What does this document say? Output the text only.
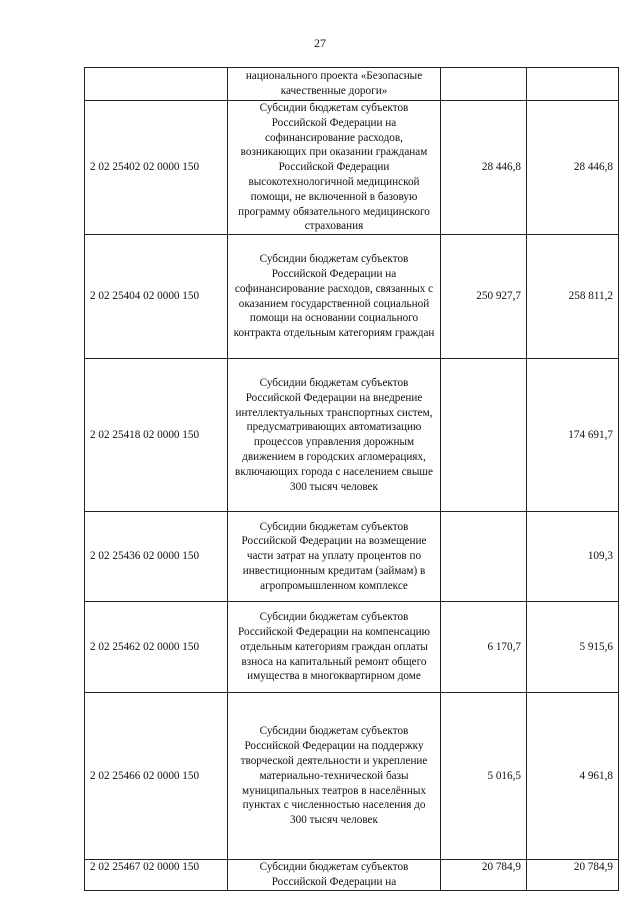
27
	национального проекта «Безопасные качественные дороги»		
2 02 25402 02 0000 150	Субсидии бюджетам субъектов Российской Федерации на софинансирование расходов, возникающих при оказании гражданам Российской Федерации высокотехнологичной медицинской помощи, не включенной в базовую программу обязательного медицинского страхования	28 446,8	28 446,8
2 02 25404 02 0000 150	Субсидии бюджетам субъектов Российской Федерации на софинансирование расходов, связанных с оказанием государственной социальной помощи на основании социального контракта отдельным категориям граждан	250 927,7	258 811,2
2 02 25418 02 0000 150	Субсидии бюджетам субъектов Российской Федерации на внедрение интеллектуальных транспортных систем, предусматривающих автоматизацию процессов управления дорожным движением в городских агломерациях, включающих города с населением свыше 300 тысяч человек		174 691,7
2 02 25436 02 0000 150	Субсидии бюджетам субъектов Российской Федерации на возмещение части затрат на уплату процентов по инвестиционным кредитам (займам) в агропромышленном комплексе		109,3
2 02 25462 02 0000 150	Субсидии бюджетам субъектов Российской Федерации на компенсацию отдельным категориям граждан оплаты взноса на капитальный ремонт общего имущества в многоквартирном доме	6 170,7	5 915,6
2 02 25466 02 0000 150	Субсидии бюджетам субъектов Российской Федерации на поддержку творческой деятельности и укрепление материально-технической базы муниципальных театров в населённых пунктах с численностью населения до 300 тысяч человек	5 016,5	4 961,8
2 02 25467 02 0000 150	Субсидии бюджетам субъектов Российской Федерации на	20 784,9	20 784,9
